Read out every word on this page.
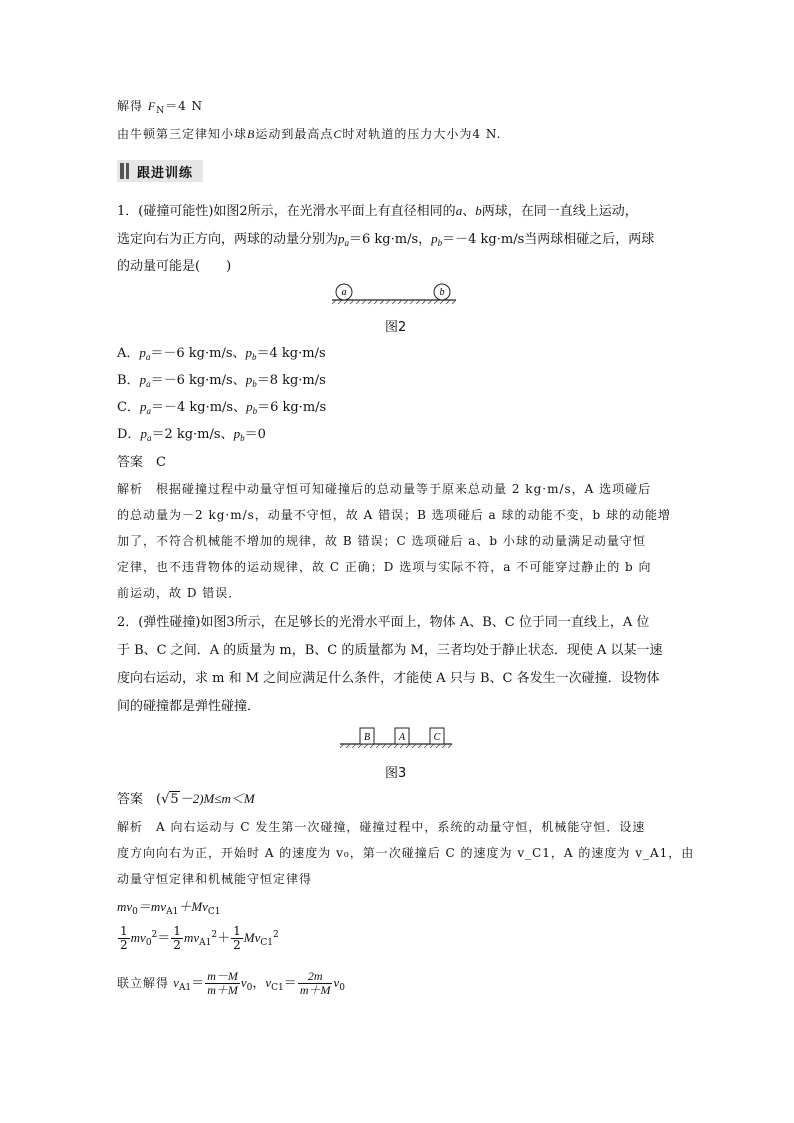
解得 $F_N=4$ N
由牛顿第三定律知小球B运动到最高点C时对轨道的压力大小为4 N.
跟进训练
1．(碰撞可能性)如图2所示，在光滑水平面上有直径相同的a、b两球，在同一直线上运动，
选定向右为正方向，两球的动量分别为$p_a=6$ kg·m/s，$p_b=-4$ kg·m/s当两球相碰之后，两球
的动量可能是(　　)
a	b
图2
A．$p_a=-6$ kg·m/s、$p_b=4$ kg·m/s
B．$p_a=-6$ kg·m/s、$p_b=8$ kg·m/s
C．$p_a=-4$ kg·m/s、$p_b=6$ kg·m/s
D．$p_a=2$ kg·m/s、$p_b=0$
答案　 C
解析　 根据碰撞过程中动量守恒可知碰撞后的总动量等于原来总动量 2 kg·m/s，A 选项碰后
的总动量为－2 kg·m/s，动量不守恒，故 A 错误；B 选项碰后 a 球的动能不变，b 球的动能增
加了，不符合机械能不增加的规律，故 B 错误；C 选项碰后 a、b 小球的动量满足动量守恒
定律，也不违背物体的运动规律，故 C 正确；D 选项与实际不符，a 不可能穿过静止的 b 向
前运动，故 D 错误．
2．(弹性碰撞)如图3所示，在足够长的光滑水平面上，物体 A、B、C 位于同一直线上，A 位
于 B、C 之间．A 的质量为 m，B、C 的质量都为 M，三者均处于静止状态．现使 A 以某一速
度向右运动，求 m 和 M 之间应满足什么条件，才能使 A 只与 B、C 各发生一次碰撞．设物体
间的碰撞都是弹性碰撞．
B	A	C
图3
答案　 (√5－2)M≤m＜M
解析　 A 向右运动与 C 发生第一次碰撞，碰撞过程中，系统的动量守恒，机械能守恒．设速
度方向向右为正，开始时 A 的速度为 v₀，第一次碰撞后 C 的速度为 v_C1，A 的速度为 v_A1，由
动量守恒定律和机械能守恒定律得
$mv_0=mv_{A1}+Mv_{C1}$
$\frac{1}{2} mv_0^2= \frac{1}{2} mv_{A1}^2+ \frac{1}{2} Mv_{C1}^2$
联立解得 $v_{A1}= \frac{m-M}{m+M} v_0$，$v_{C1}= \frac{2m}{m+M} v_0$
